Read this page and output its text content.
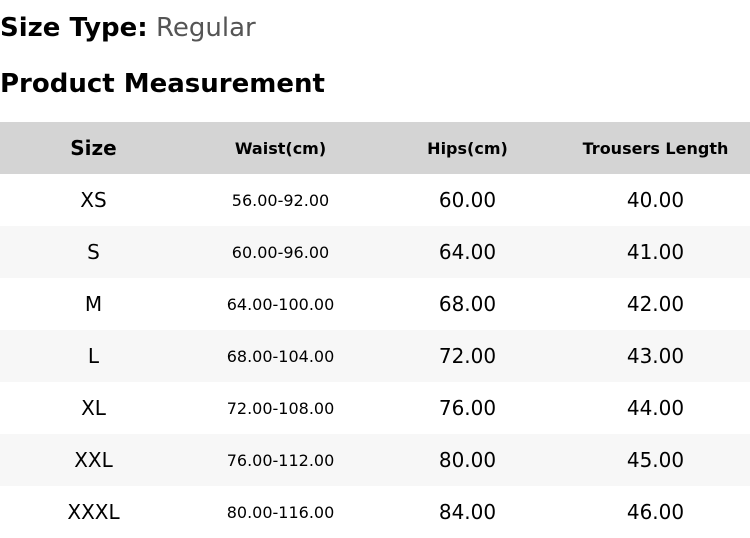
Size Type: Regular
Product Measurement
Size	Waist(cm)	Hips(cm)	Trousers Length
XS	56.00-92.00	60.00	40.00
S	60.00-96.00	64.00	41.00
M	64.00-100.00	68.00	42.00
L	68.00-104.00	72.00	43.00
XL	72.00-108.00	76.00	44.00
XXL	76.00-112.00	80.00	45.00
XXXL	80.00-116.00	84.00	46.00
